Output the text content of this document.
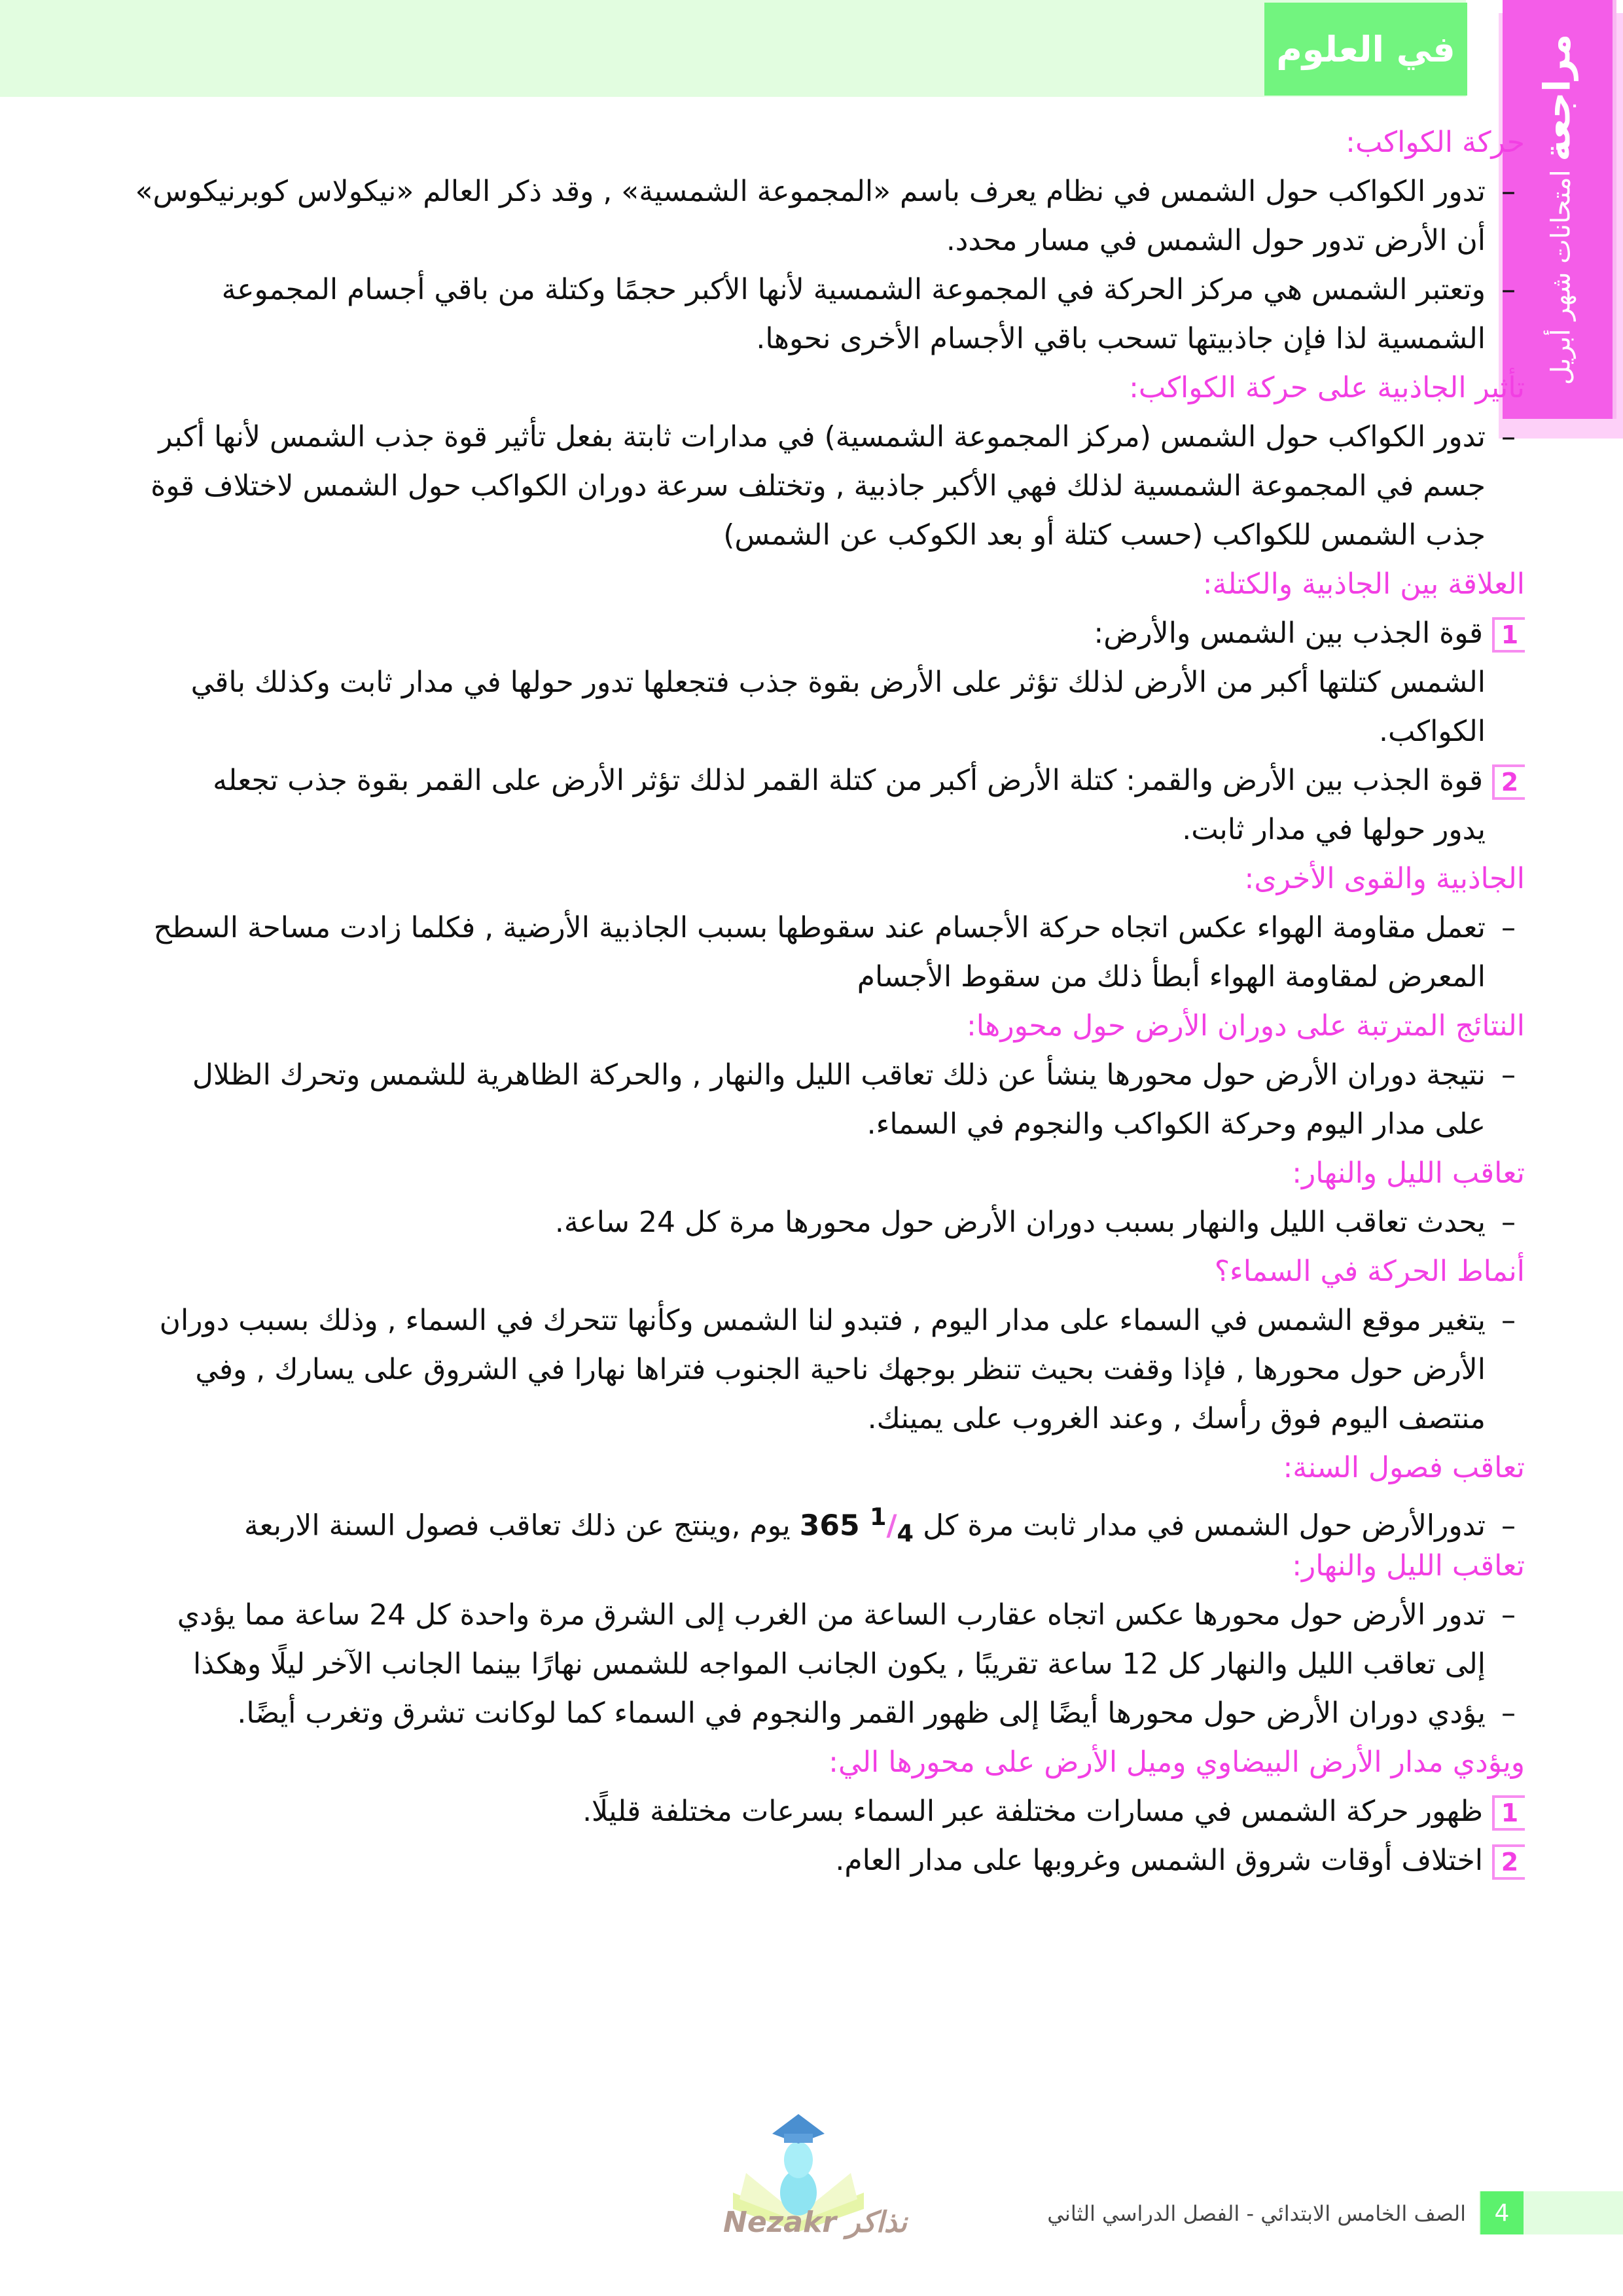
في العلوم	مراجعة امتحانات شهر أبريل
حركة الكواكب:
–تدور الكواكب حول الشمس في نظام يعرف باسم «المجموعة الشمسية» , وقد ذكر العالم «نيكولاس كوبرنيكوس»
أن الأرض تدور حول الشمس في مسار محدد.
–وتعتبر الشمس هي مركز الحركة في المجموعة الشمسية لأنها الأكبر حجمًا وكتلة من باقي أجسام المجموعة
الشمسية لذا فإن جاذبيتها تسحب باقي الأجسام الأخرى نحوها.
تأثير الجاذبية على حركة الكواكب:
–تدور الكواكب حول الشمس (مركز المجموعة الشمسية) في مدارات ثابتة بفعل تأثير قوة جذب الشمس لأنها أكبر
جسم في المجموعة الشمسية لذلك فهي الأكبر جاذبية , وتختلف سرعة دوران الكواكب حول الشمس لاختلاف قوة
جذب الشمس للكواكب (حسب كتلة أو بعد الكوكب عن الشمس)
العلاقة بين الجاذبية والكتلة:
1قوة الجذب بين الشمس والأرض:
الشمس كتلتها أكبر من الأرض لذلك تؤثر على الأرض بقوة جذب فتجعلها تدور حولها في مدار ثابت وكذلك باقي
الكواكب.
2قوة الجذب بين الأرض والقمر: كتلة الأرض أكبر من كتلة القمر لذلك تؤثر الأرض على القمر بقوة جذب تجعله
يدور حولها في مدار ثابت.
الجاذبية والقوى الأخرى:
–تعمل مقاومة الهواء عكس اتجاه حركة الأجسام عند سقوطها بسبب الجاذبية الأرضية , فكلما زادت مساحة السطح
المعرض لمقاومة الهواء أبطأ ذلك من سقوط الأجسام
النتائج المترتبة على دوران الأرض حول محورها:
–نتيجة دوران الأرض حول محورها ينشأ عن ذلك تعاقب الليل والنهار , والحركة الظاهرية للشمس وتحرك الظلال
على مدار اليوم وحركة الكواكب والنجوم في السماء.
تعاقب الليل والنهار:
–يحدث تعاقب الليل والنهار بسبب دوران الأرض حول محورها مرة كل 24 ساعة.
أنماط الحركة في السماء؟
–يتغير موقع الشمس في السماء على مدار اليوم , فتبدو لنا الشمس وكأنها تتحرك في السماء , وذلك بسبب دوران
الأرض حول محورها , فإذا وقفت بحيث تنظر بوجهك ناحية الجنوب فتراها نهارا في الشروق على يسارك , وفي
منتصف اليوم فوق رأسك , وعند الغروب على يمينك.
تعاقب فصول السنة:
–تدورالأرض حول الشمس في مدار ثابت مرة كل 365 $^1/_4$ يوم ,وينتج عن ذلك تعاقب فصول السنة الاربعة
تعاقب الليل والنهار:
–تدور الأرض حول محورها عكس اتجاه عقارب الساعة من الغرب إلى الشرق مرة واحدة كل 24 ساعة مما يؤدي
إلى تعاقب الليل والنهار كل 12 ساعة تقريبًا , يكون الجانب المواجه للشمس نهارًا بينما الجانب الآخر ليلًا وهكذا
–يؤدي دوران الأرض حول محورها أيضًا إلى ظهور القمر والنجوم في السماء كما لوكانت تشرق وتغرب أيضًا.
ويؤدي مدار الأرض البيضاوي وميل الأرض على محورها الي:
1ظهور حركة الشمس في مسارات مختلفة عبر السماء بسرعات مختلفة قليلًا.
2اختلاف أوقات شروق الشمس وغروبها على مدار العام.
4
الصف الخامس الابتدائي - الفصل الدراسي الثاني
Nezakr نذاكر
